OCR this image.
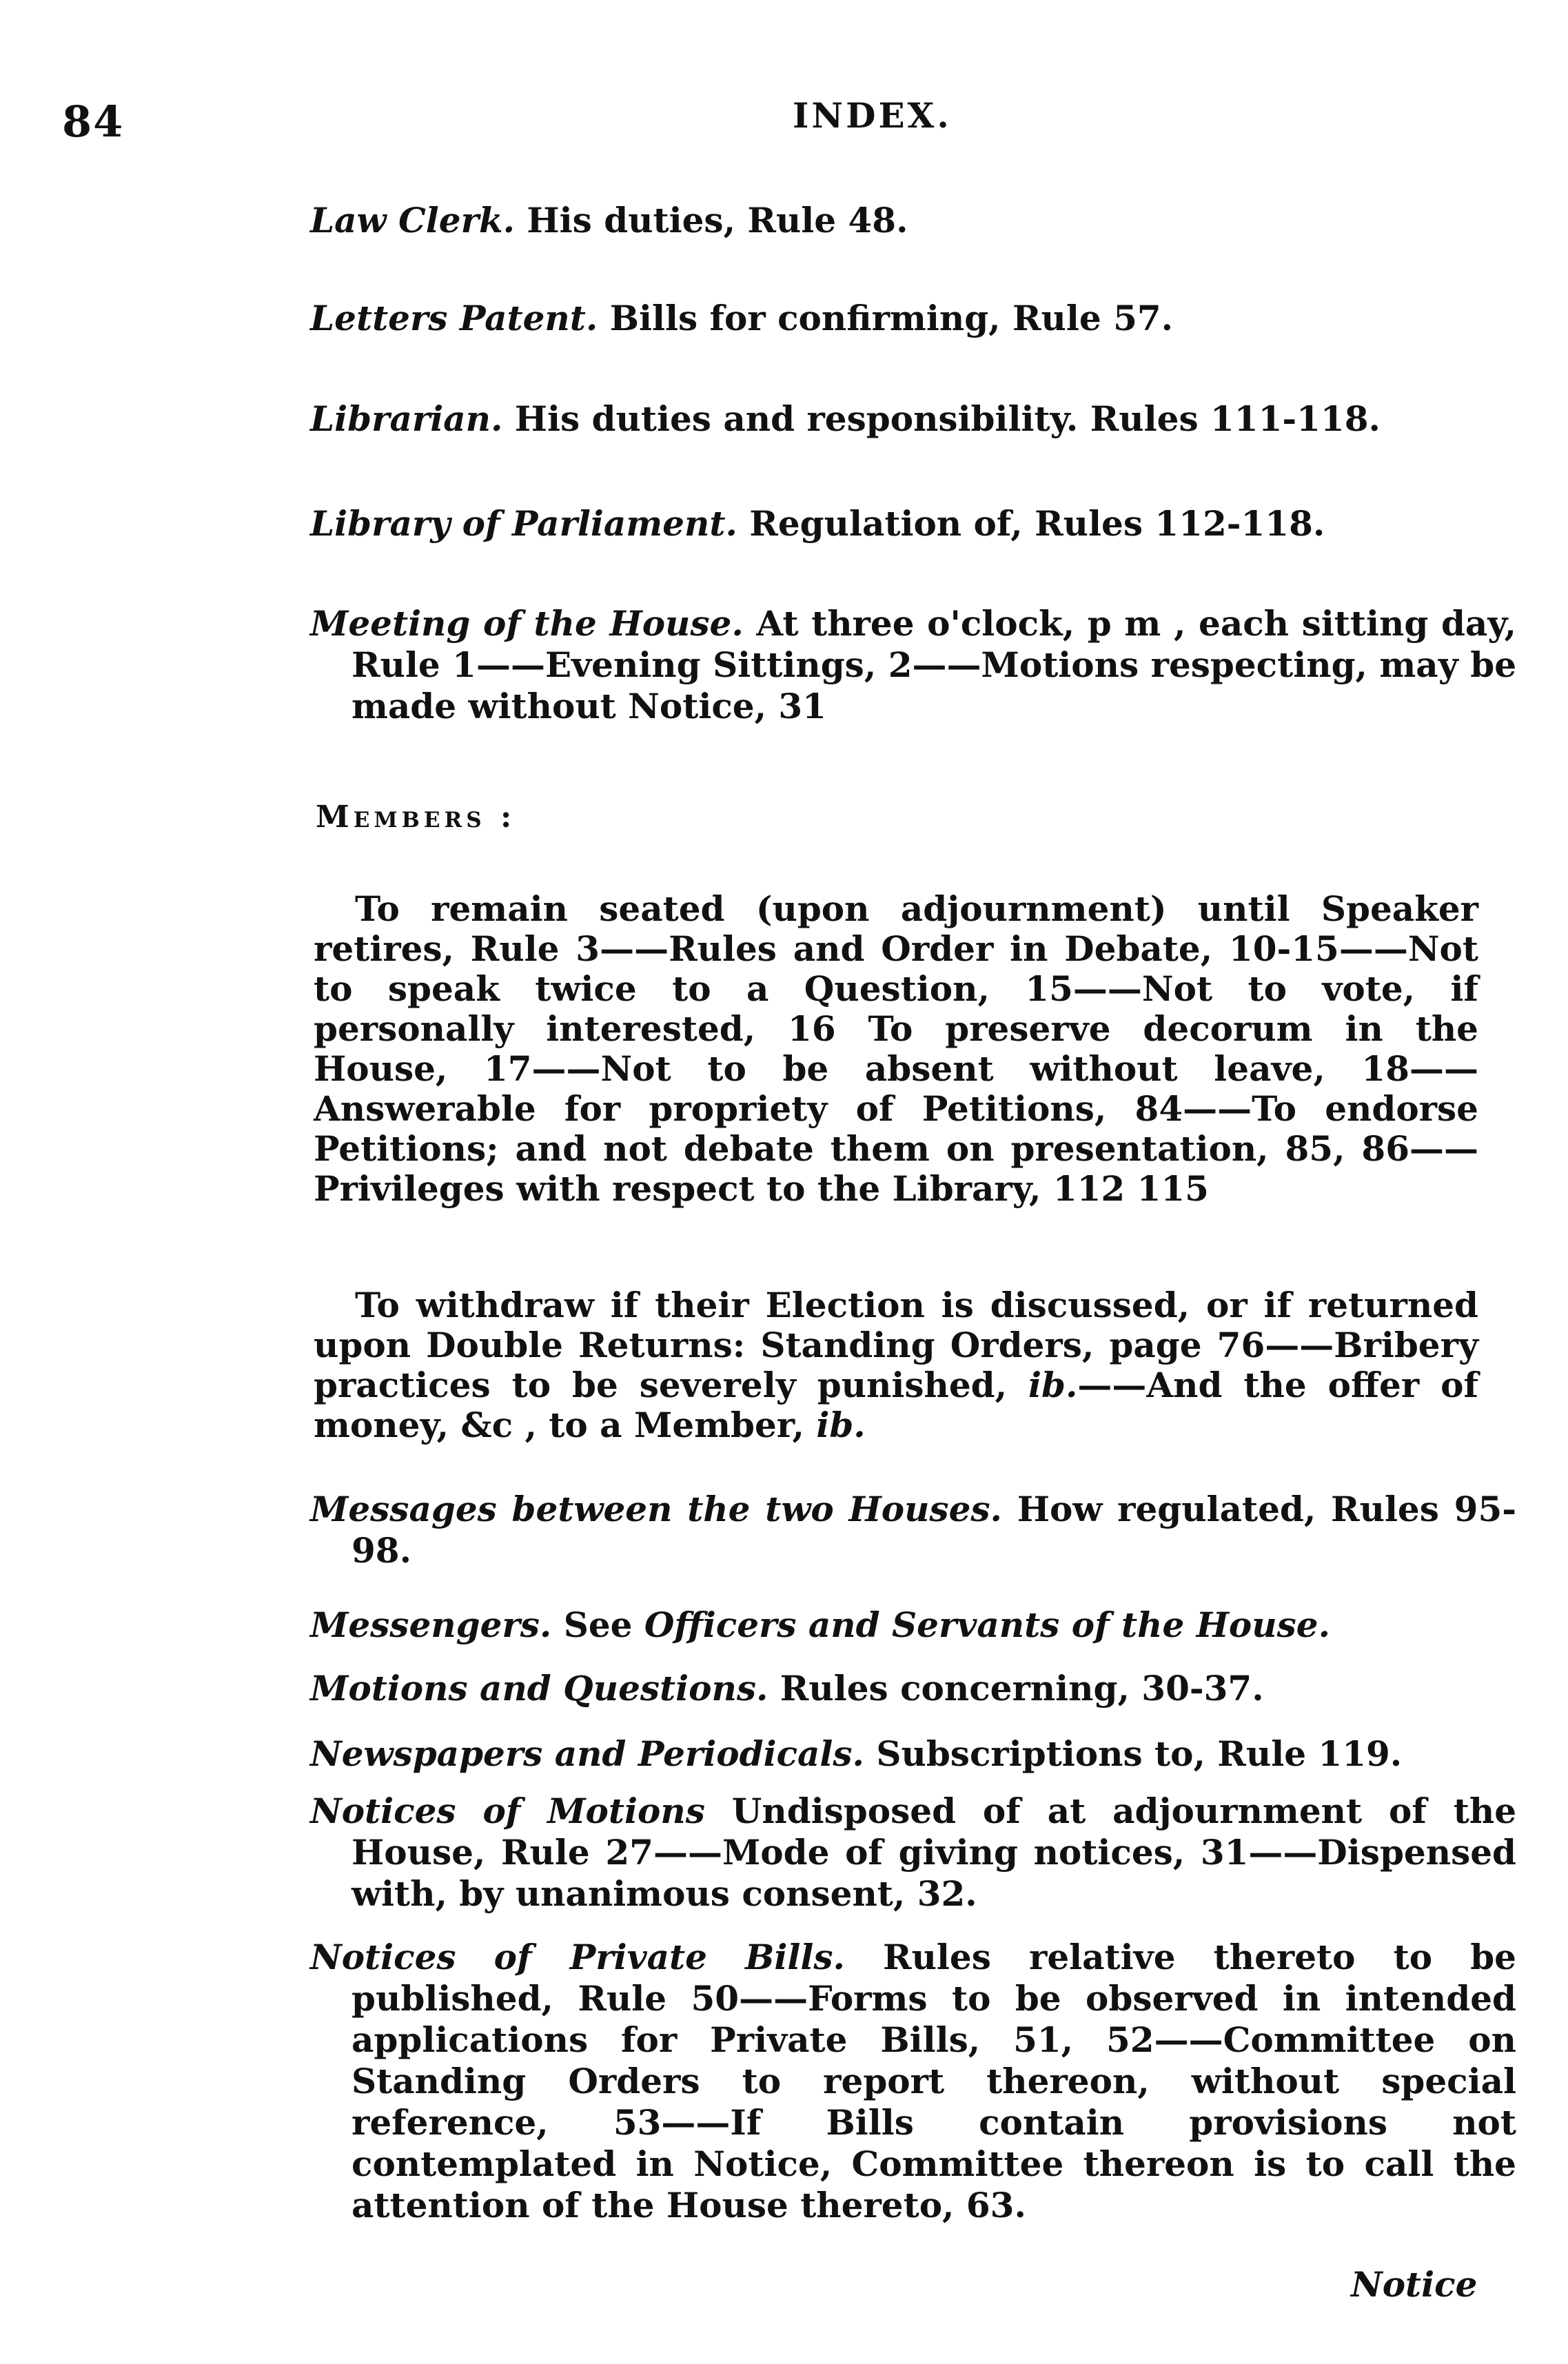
84	INDEX.
Law Clerk. His duties, Rule 48.
Letters Patent. Bills for confirming, Rule 57.
Librarian. His duties and responsibility. Rules 111-118.
Library of Parliament. Regulation of, Rules 112-118.
Meeting of the House. At three o'clock, p m , each sitting day, Rule 1——Evening Sittings, 2——Motions respecting, may be made without Notice, 31
Members :
To remain seated (upon adjournment) until Speaker retires, Rule 3——Rules and Order in Debate, 10-15——Not to speak twice to a Question, 15——Not to vote, if personally interested, 16 To preserve decorum in the House, 17——Not to be absent without leave, 18——Answerable for propriety of Petitions, 84——To endorse Petitions; and not debate them on presentation, 85, 86——Privileges with respect to the Library, 112 115
To withdraw if their Election is discussed, or if returned upon Double Returns: Standing Orders, page 76——Bribery practices to be severely punished, ib.——And the offer of money, &c , to a Member, ib.
Messages between the two Houses. How regulated, Rules 95-98.
Messengers. See Officers and Servants of the House.
Motions and Questions. Rules concerning, 30-37.
Newspapers and Periodicals. Subscriptions to, Rule 119.
Notices of Motions Undisposed of at adjournment of the House, Rule 27——Mode of giving notices, 31——Dispensed with, by unanimous consent, 32.
Notices of Private Bills. Rules relative thereto to be published, Rule 50——Forms to be observed in intended applications for Private Bills, 51, 52——Committee on Standing Orders to report thereon, without special reference, 53——If Bills contain provisions not contemplated in Notice, Committee thereon is to call the attention of the House thereto, 63.
Notice
